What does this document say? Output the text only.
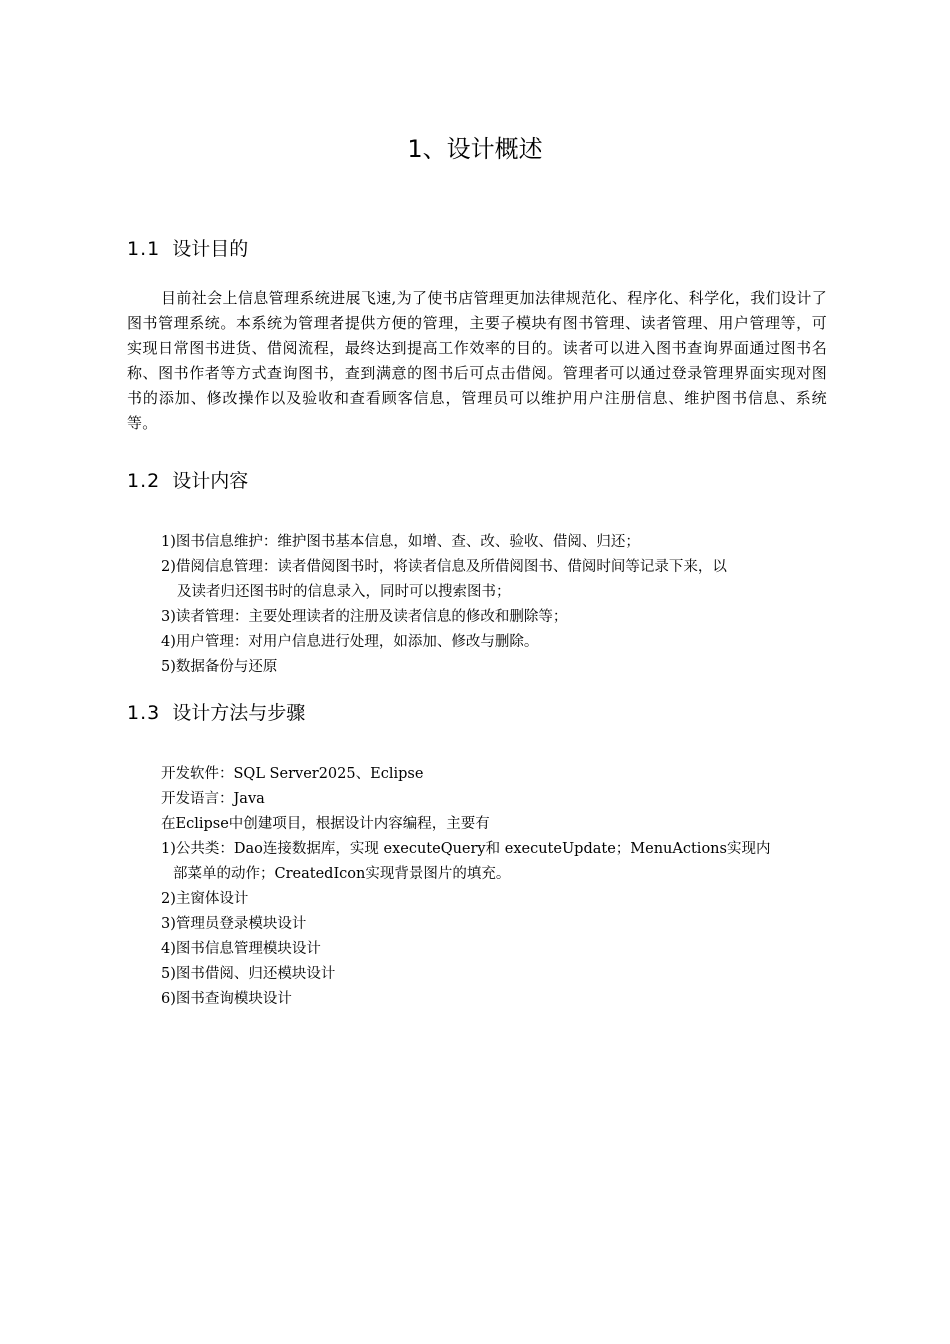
1、设计概述
1.1 设计目的

目前社会上信息管理系统进展飞速,为了使书店管理更加法律规范化、程序化、科学化，我们设计了图书管理系统。本系统为管理者提供方便的管理，主要子模块有图书管理、读者管理、用户管理等，可实现日常图书进货、借阅流程，最终达到提高工作效率的目的。读者可以进入图书查询界面通过图书名称、图书作者等方式查询图书，查到满意的图书后可点击借阅。管理者可以通过登录管理界面实现对图书的添加、修改操作以及验收和查看顾客信息，管理员可以维护用户注册信息、维护图书信息、系统等。

1.2 设计内容
1)图书信息维护：维护图书基本信息，如增、查、改、验收、借阅、归还；
2)借阅信息管理：读者借阅图书时，将读者信息及所借阅图书、借阅时间等记录下来，以
及读者归还图书时的信息录入，同时可以搜索图书；
3)读者管理：主要处理读者的注册及读者信息的修改和删除等；
4)用户管理：对用户信息进行处理，如添加、修改与删除。
5)数据备份与还原
1.3 设计方法与步骤
开发软件：SQL Server2025、Eclipse
开发语言：Java
在Eclipse中创建项目，根据设计内容编程，主要有
1)公共类：Dao连接数据库，实现 executeQuery和 executeUpdate；MenuActions实现内
部菜单的动作；CreatedIcon实现背景图片的填充。
2)主窗体设计
3)管理员登录模块设计
4)图书信息管理模块设计
5)图书借阅、归还模块设计
6)图书查询模块设计
